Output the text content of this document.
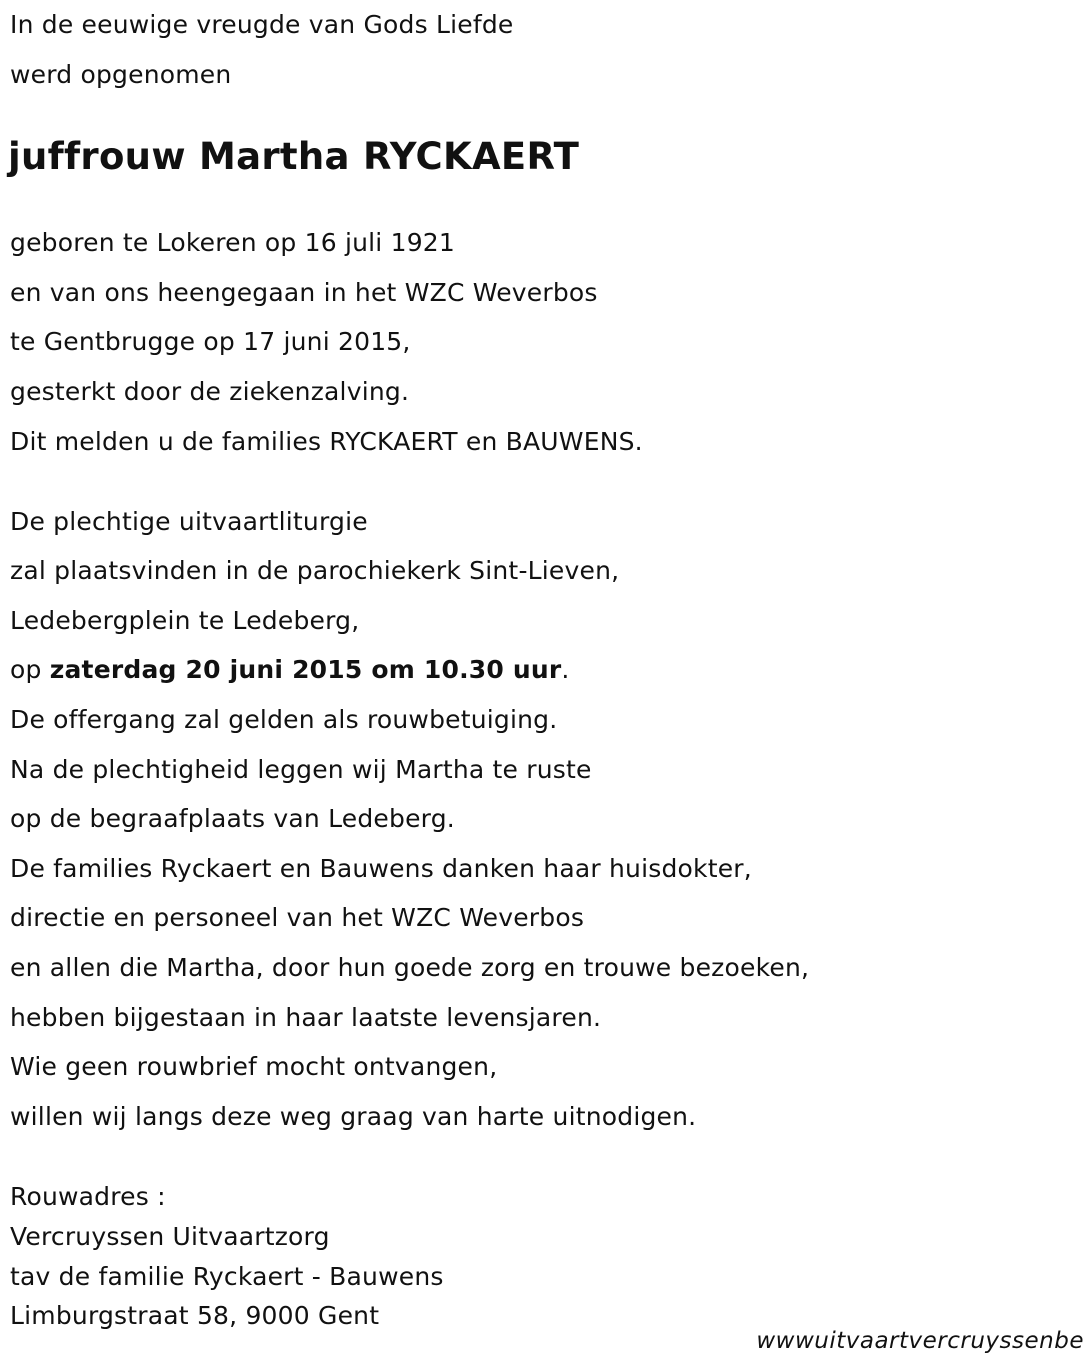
In de eeuwige vreugde van Gods Liefde
werd opgenomen
juffrouw Martha RYCKAERT
geboren te Lokeren op 16 juli 1921
en van ons heengegaan in het WZC Weverbos
te Gentbrugge op 17 juni 2015,
gesterkt door de ziekenzalving.
Dit melden u de families RYCKAERT en BAUWENS.
De plechtige uitvaartliturgie
zal plaatsvinden in de parochiekerk Sint-Lieven,
Ledebergplein te Ledeberg,
op zaterdag 20 juni 2015 om 10.30 uur.
De offergang zal gelden als rouwbetuiging.
Na de plechtigheid leggen wij Martha te ruste
op de begraafplaats van Ledeberg.
De families Ryckaert en Bauwens danken haar huisdokter,
directie en personeel van het WZC Weverbos
en allen die Martha, door hun goede zorg en trouwe bezoeken,
hebben bijgestaan in haar laatste levensjaren.
Wie geen rouwbrief mocht ontvangen,
willen wij langs deze weg graag van harte uitnodigen.
Rouwadres :
Vercruyssen Uitvaartzorg
tav de familie Ryckaert - Bauwens
Limburgstraat 58, 9000 Gent
wwwuitvaartvercruyssenbe
